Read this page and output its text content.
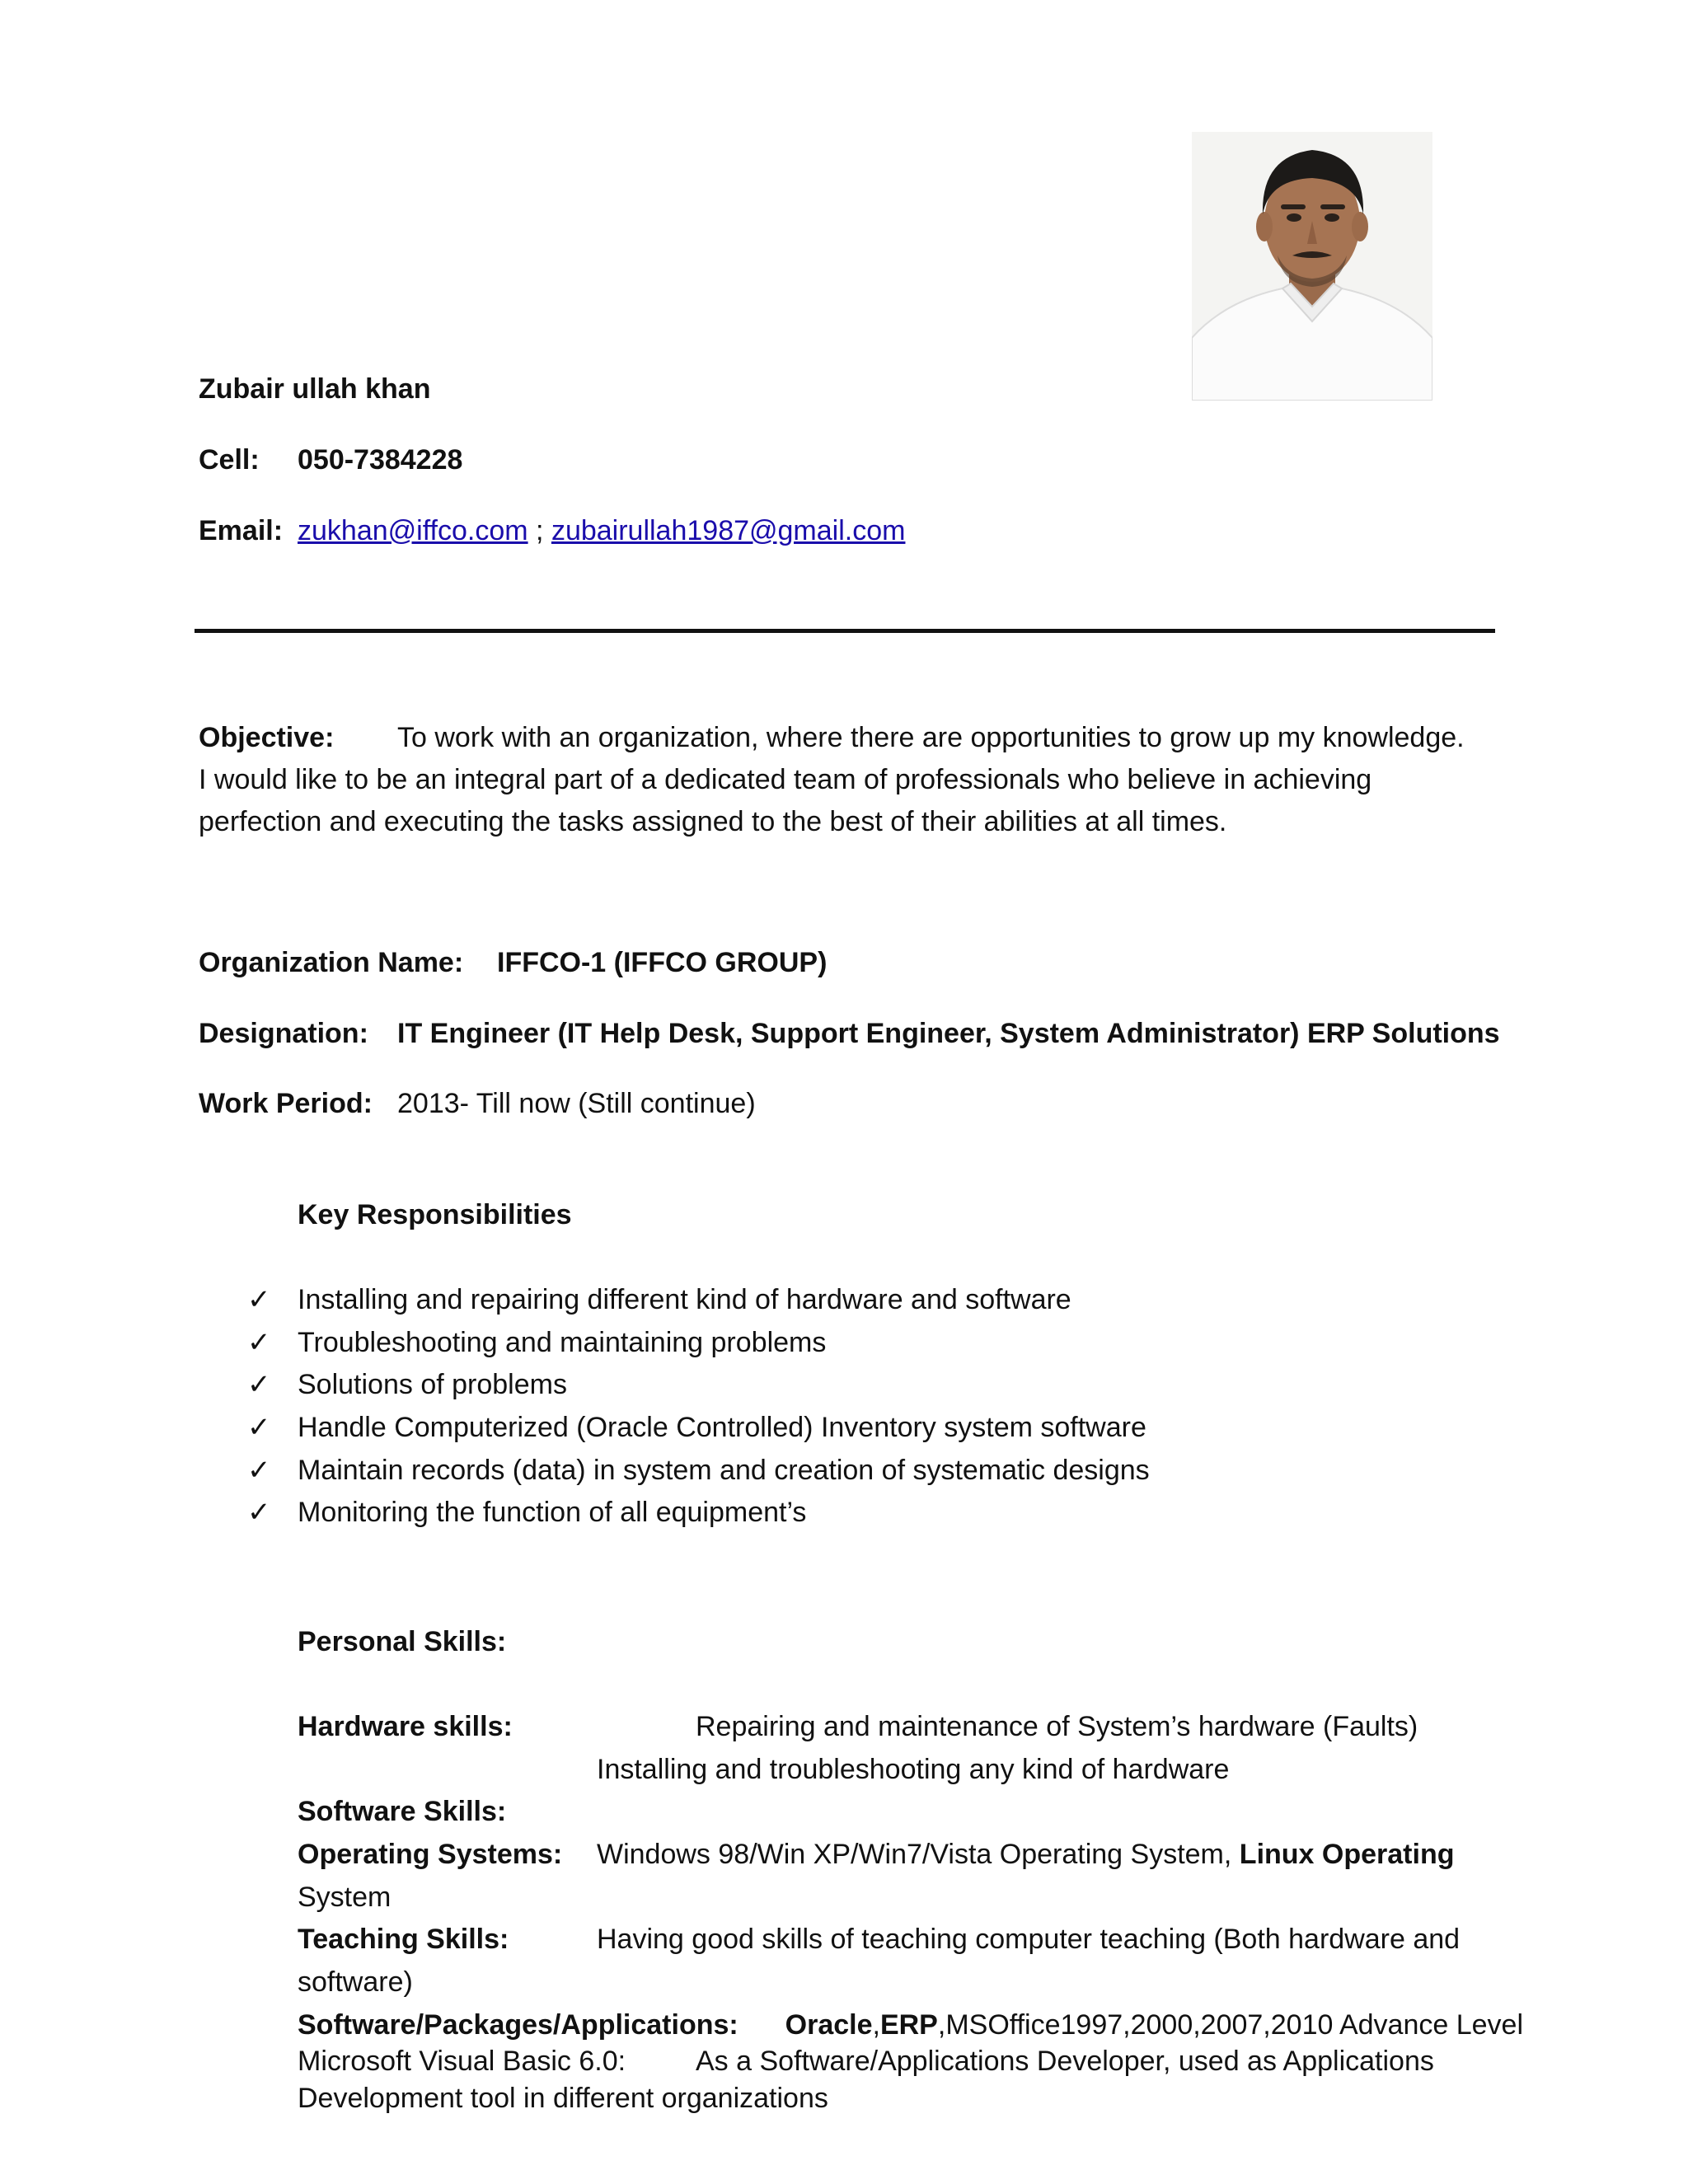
Zubair ullah khan
Cell: 050-7384228
Email: zukhan@iffco.com ; zubairullah1987@gmail.com
Objective: To work with an organization, where there are opportunities to grow up my knowledge.
I would like to be an integral part of a dedicated team of professionals who believe in achieving
perfection and executing the tasks assigned to the best of their abilities at all times.
Organization Name: IFFCO-1 (IFFCO GROUP)
Designation: IT Engineer (IT Help Desk, Support Engineer, System Administrator) ERP Solutions
Work Period: 2013- Till now (Still continue)
Key Responsibilities
✓ Installing and repairing different kind of hardware and software
✓ Troubleshooting and maintaining problems
✓ Solutions of problems
✓ Handle Computerized (Oracle Controlled) Inventory system software
✓ Maintain records (data) in system and creation of systematic designs
✓ Monitoring the function of all equipment’s
Personal Skills:
Hardware skills:	Repairing and maintenance of System’s hardware (Faults)
Installing and troubleshooting any kind of hardware
Software Skills:
Operating Systems: Windows 98/Win XP/Win7/Vista Operating System, Linux Operating
System
Teaching Skills:	Having good skills of teaching computer teaching (Both hardware and
software)
Software/Packages/Applications: Oracle,ERP,MSOffice1997,2000,2007,2010 Advance Level
Microsoft Visual Basic 6.0: As a Software/Applications Developer, used as Applications
Development tool in different organizations
